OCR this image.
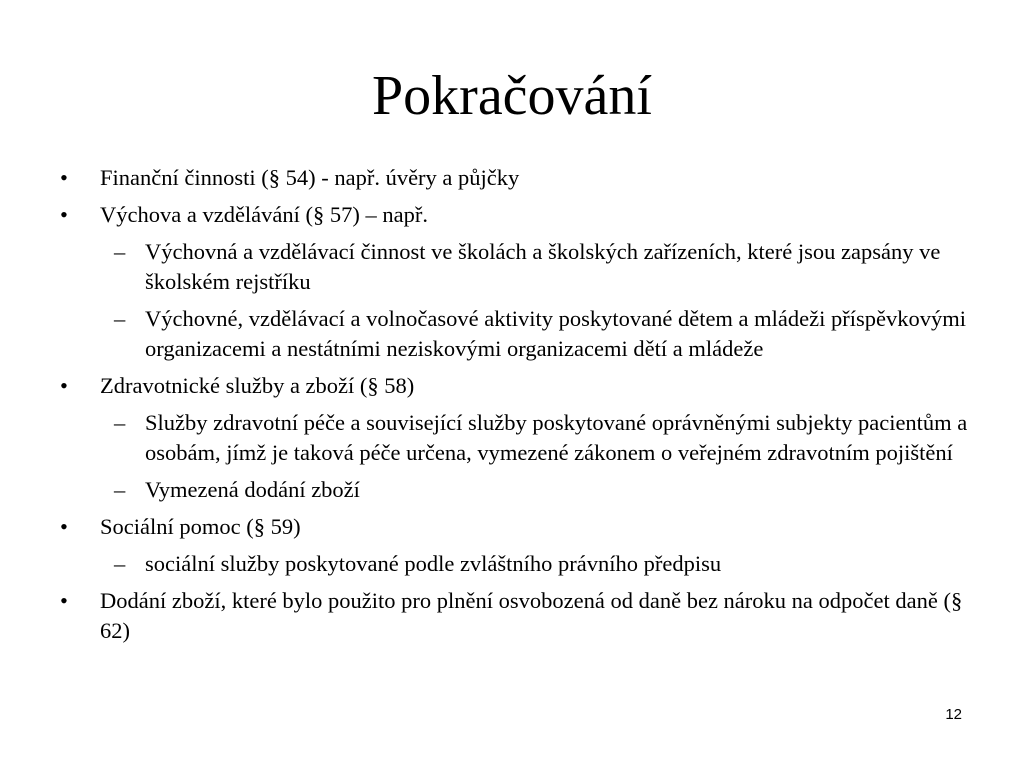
Pokračování
• Finanční činnosti (§ 54) - např. úvěry a půjčky
• Výchova a vzdělávání (§ 57) – např.
– Výchovná a vzdělávací činnost ve školách a školských zařízeních, které jsou zapsány ve školském rejstříku
– Výchovné, vzdělávací a volnočasové aktivity poskytované dětem a mládeži příspěvkovými organizacemi a nestátními neziskovými organizacemi dětí a mládeže
• Zdravotnické služby a zboží (§ 58)
– Služby zdravotní péče a související služby poskytované oprávněnými subjekty pacientům a osobám, jímž je taková péče určena, vymezené zákonem o veřejném zdravotním pojištění
– Vymezená dodání zboží
• Sociální pomoc (§ 59)
– sociální služby poskytované podle zvláštního právního předpisu
• Dodání zboží, které bylo použito pro plnění osvobozená od daně bez nároku na odpočet daně (§ 62)
12
